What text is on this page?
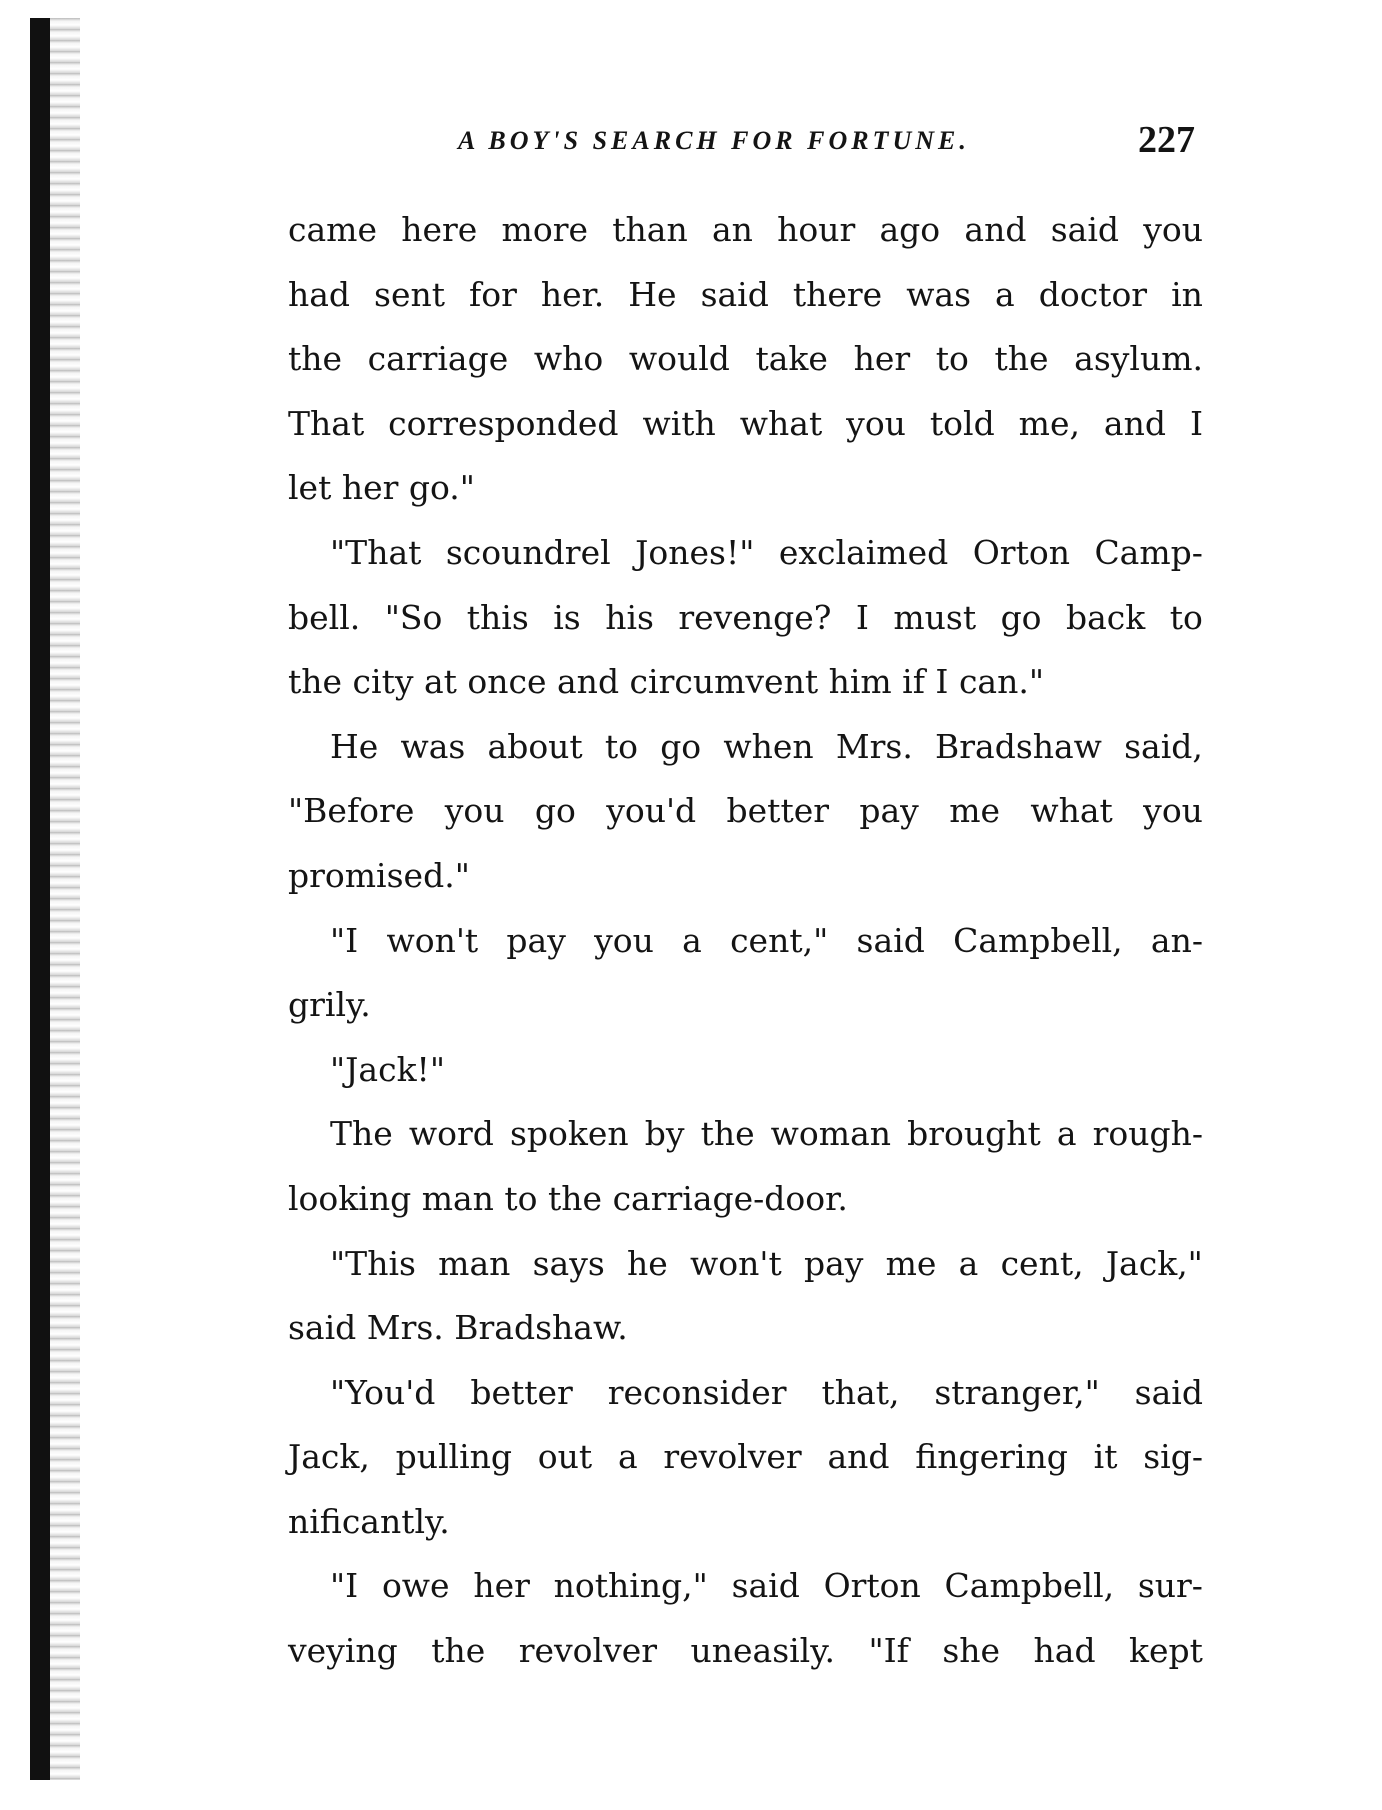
A BOY'S SEARCH FOR FORTUNE.	227
came here more than an hour ago and said you
had sent for her. He said there was a doctor in
the carriage who would take her to the asylum.
That corresponded with what you told me, and I
let her go."
"That scoundrel Jones!" exclaimed Orton Camp-
bell. "So this is his revenge? I must go back to
the city at once and circumvent him if I can."
He was about to go when Mrs. Bradshaw said,
"Before you go you'd better pay me what you
promised."
"I won't pay you a cent," said Campbell, an-
grily.
"Jack!"
The word spoken by the woman brought a rough-
looking man to the carriage-door.
"This man says he won't pay me a cent, Jack,"
said Mrs. Bradshaw.
"You'd better reconsider that, stranger," said
Jack, pulling out a revolver and fingering it sig-
nificantly.
"I owe her nothing," said Orton Campbell, sur-
veying the revolver uneasily. "If she had kept
